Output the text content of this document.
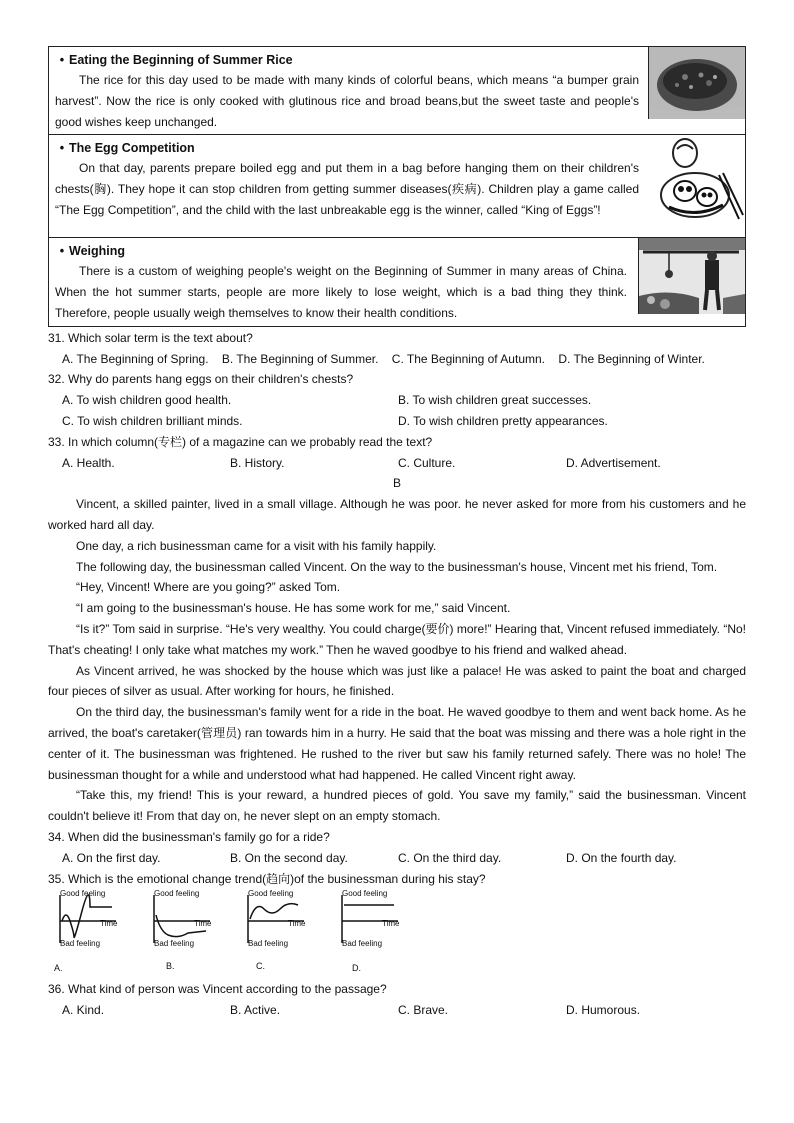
• Eating the Beginning of Summer Rice
The rice for this day used to be made with many kinds of colorful beans, which means “a bumper grain harvest”. Now the rice is only cooked with glutinous rice and broad beans,but the sweet taste and people's good wishes keep unchanged.

• The Egg Competition
On that day, parents prepare boiled egg and put them in a bag before hanging them on their children's chests(胸). They hope it can stop children from getting summer diseases(疾病). Children play a game called “The Egg Competition”, and the child with the last unbreakable egg is the winner, called “King of Eggs”!

• Weighing
There is a custom of weighing people's weight on the Beginning of Summer in many areas of China. When the hot summer starts, people are more likely to lose weight, which is a bad thing they think. Therefore, people usually weigh themselves to know their health conditions.

31. Which solar term is the text about?

A. The Beginning of Spring. B. The Beginning of Summer. C. The Beginning of Autumn. D. The Beginning of Winter.

32. Why do parents hang eggs on their children's chests?

A. To wish children good health.	B. To wish children great successes.
C. To wish children brilliant minds.	D. To wish children pretty appearances.

33. In which column(专栏) of a magazine can we probably read the text?

A. Health.	B. History.	C. Culture.	D. Advertisement.
B

Vincent, a skilled painter, lived in a small village. Although he was poor. he never asked for more from his customers and he worked hard all day.

One day, a rich businessman came for a visit with his family happily.

The following day, the businessman called Vincent. On the way to the businessman's house, Vincent met his friend, Tom.

“Hey, Vincent! Where are you going?” asked Tom.

“I am going to the businessman's house. He has some work for me,” said Vincent.

“Is it?” Tom said in surprise. “He's very wealthy. You could charge(要价) more!” Hearing that, Vincent refused immediately. “No! That's cheating! I only take what matches my work.” Then he waved goodbye to his friend and walked ahead.

As Vincent arrived, he was shocked by the house which was just like a palace! He was asked to paint the boat and charged four pieces of silver as usual. After working for hours, he finished.

On the third day, the businessman's family went for a ride in the boat. He waved goodbye to them and went back home. As he arrived, the boat's caretaker(管理员) ran towards him in a hurry. He said that the boat was missing and there was a hole right in the center of it. The businessman was frightened. He rushed to the river but saw his family returned safely. There was no hole! The businessman thought for a while and understood what had happened. He called Vincent right away.

“Take this, my friend! This is your reward, a hundred pieces of gold. You save my family,” said the businessman. Vincent couldn't believe it! From that day on, he never slept on an empty stomach.

34. When did the businessman's family go for a ride?

A. On the first day.	B. On the second day.	C. On the third day.	D. On the fourth day.

35. Which is the emotional change trend(趋向)of the businessman during his stay?

Good feeling
Time
Bad feeling
A.
Good feeling
Time
Bad feeling
B.
Good feeling
Time
Bad feeling
C.
Good feeling
Time
Bad feeling
D.

36. What kind of person was Vincent according to the passage?

A. Kind.	B. Active.	C. Brave.	D. Humorous.
